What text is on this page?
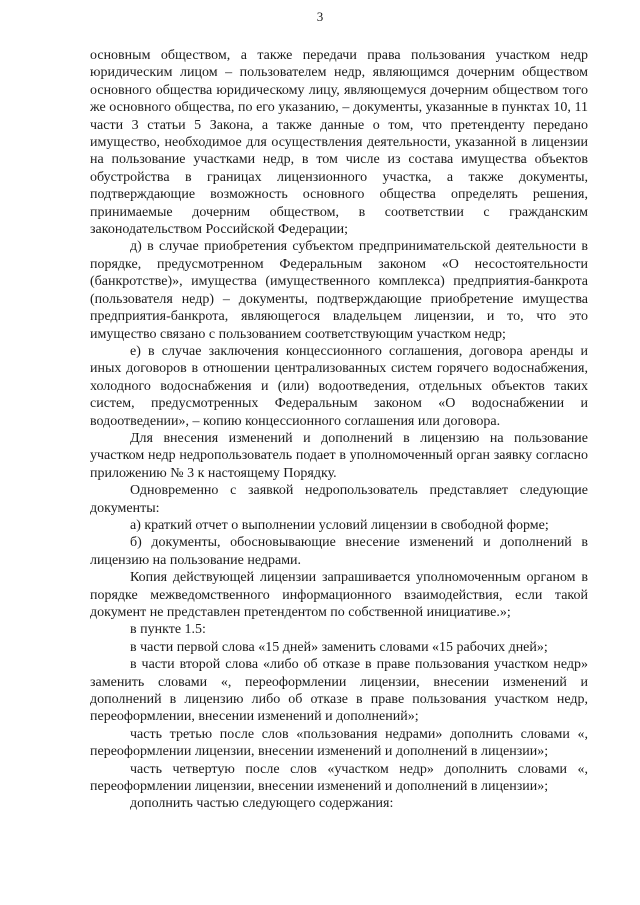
3

основным обществом, а также передачи права пользования участком недр юридическим лицом – пользователем недр, являющимся дочерним обществом основного общества юридическому лицу, являющемуся дочерним обществом того же основного общества, по его указанию, – документы, указанные в пунктах 10, 11 части 3 статьи 5 Закона, а также данные о том, что претенденту передано имущество, необходимое для осуществления деятельности, указанной в лицензии на пользование участками недр, в том числе из состава имущества объектов обустройства в границах лицензионного участка, а также документы, подтверждающие возможность основного общества определять решения, принимаемые дочерним обществом, в соответствии с гражданским законодательством Российской Федерации;

д) в случае приобретения субъектом предпринимательской деятельности в порядке, предусмотренном Федеральным законом «О несостоятельности (банкротстве)», имущества (имущественного комплекса) предприятия-банкрота (пользователя недр) – документы, подтверждающие приобретение имущества предприятия-банкрота, являющегося владельцем лицензии, и то, что это имущество связано с пользованием соответствующим участком недр;

е) в случае заключения концессионного соглашения, договора аренды и иных договоров в отношении централизованных систем горячего водоснабжения, холодного водоснабжения и (или) водоотведения, отдельных объектов таких систем, предусмотренных Федеральным законом «О водоснабжении и водоотведении», – копию концессионного соглашения или договора.

Для внесения изменений и дополнений в лицензию на пользование участком недр недропользователь подает в уполномоченный орган заявку согласно приложению № 3 к настоящему Порядку.

Одновременно с заявкой недропользователь представляет следующие документы:

а) краткий отчет о выполнении условий лицензии в свободной форме;

б) документы, обосновывающие внесение изменений и дополнений в лицензию на пользование недрами.

Копия действующей лицензии запрашивается уполномоченным органом в порядке межведомственного информационного взаимодействия, если такой документ не представлен претендентом по собственной инициативе.»;

в пункте 1.5:

в части первой слова «15 дней» заменить словами «15 рабочих дней»;

в части второй слова «либо об отказе в праве пользования участком недр» заменить словами «, переоформлении лицензии, внесении изменений и дополнений в лицензию либо об отказе в праве пользования участком недр, переоформлении, внесении изменений и дополнений»;

часть третью после слов «пользования недрами» дополнить словами «, переоформлении лицензии, внесении изменений и дополнений в лицензии»;

часть четвертую после слов «участком недр» дополнить словами «, переоформлении лицензии, внесении изменений и дополнений в лицензии»;

дополнить частью следующего содержания:
